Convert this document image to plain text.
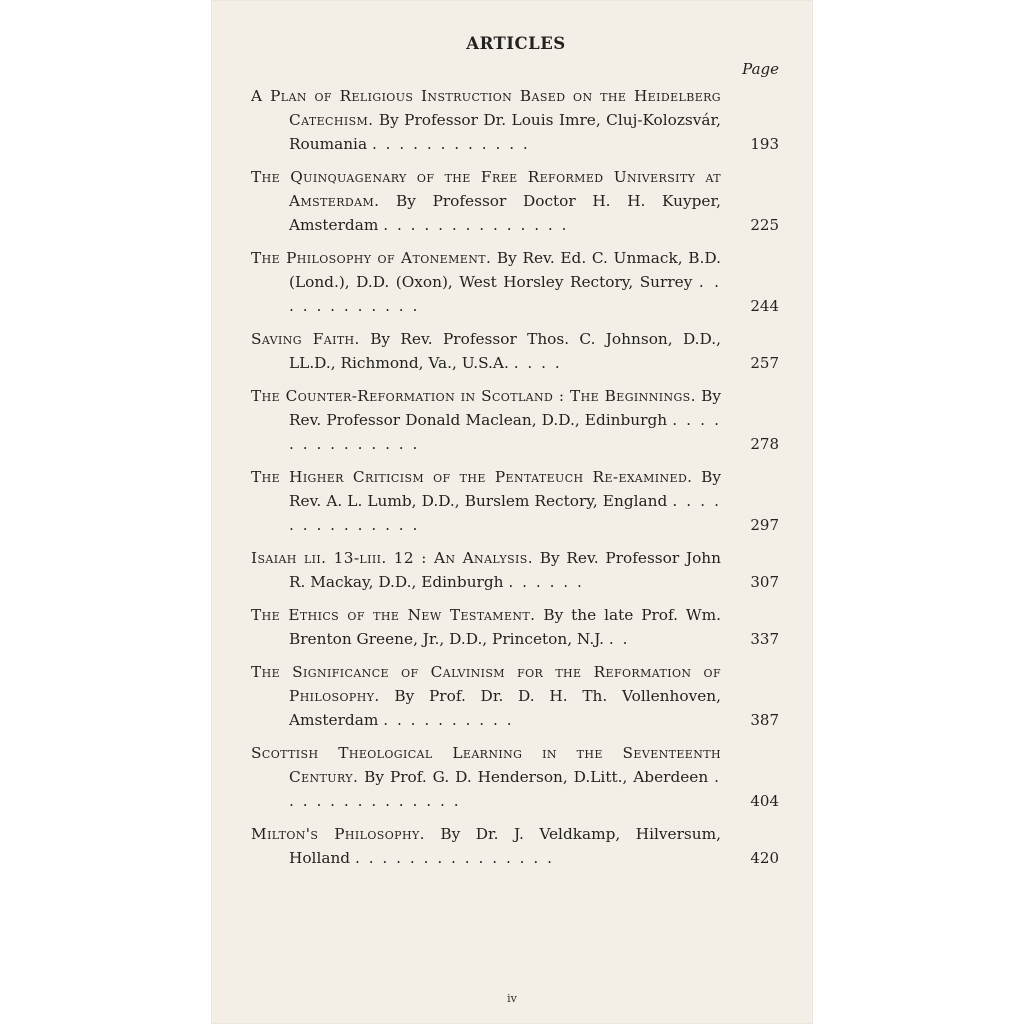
ARTICLES
Page
A Plan of Religious Instruction Based on the Heidelberg Catechism. By Professor Dr. Louis Imre, Cluj-Kolozsvár, Roumania . . . . . . . . . . . .	193
The Quinquagenary of the Free Reformed University at Amsterdam. By Professor Doctor H. H. Kuyper, Amsterdam . . . . . . . . . . . . . .	225
The Philosophy of Atonement. By Rev. Ed. C. Unmack, B.D. (Lond.), D.D. (Oxon), West Horsley Rectory, Surrey . . . . . . . . . . . .	244
Saving Faith. By Rev. Professor Thos. C. Johnson, D.D., LL.D., Richmond, Va., U.S.A. . . . .	257
The Counter-Reformation in Scotland : The Beginnings. By Rev. Professor Donald Maclean, D.D., Edinburgh . . . . . . . . . . . . . .	278
The Higher Criticism of the Pentateuch Re-examined. By Rev. A. L. Lumb, D.D., Burslem Rectory, England . . . . . . . . . . . . . .	297
Isaiah lii. 13-liii. 12 : An Analysis. By Rev. Professor John R. Mackay, D.D., Edinburgh . . . . . .	307
The Ethics of the New Testament. By the late Prof. Wm. Brenton Greene, Jr., D.D., Princeton, N.J. . .	337
The Significance of Calvinism for the Reformation of Philosophy. By Prof. Dr. D. H. Th. Vollenhoven, Amsterdam . . . . . . . . . .	387
Scottish Theological Learning in the Seventeenth Century. By Prof. G. D. Henderson, D.Litt., Aberdeen . . . . . . . . . . . . . .	404
Milton's Philosophy. By Dr. J. Veldkamp, Hilversum, Holland . . . . . . . . . . . . . . .	420
iv
